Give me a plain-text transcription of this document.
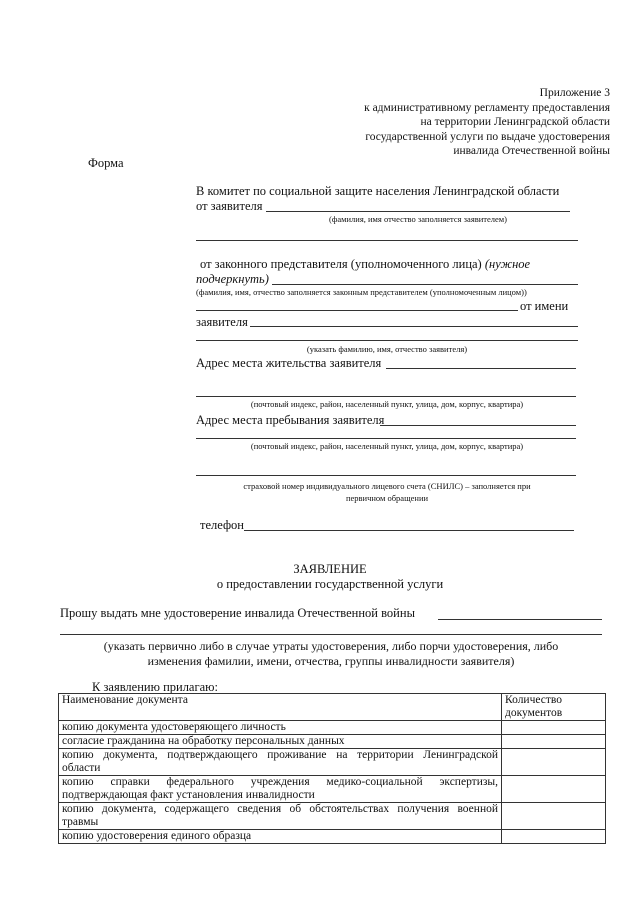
Приложение 3
к административному регламенту предоставления
на территории Ленинградской области
государственной услуги по выдаче удостоверения
инвалида Отечественной войны
Форма
В комитет по социальной защите населения Ленинградской области
от заявителя
(фамилия, имя отчество заполняется заявителем)
от законного представителя (уполномоченного лица) (нужное
подчеркнуть)
(фамилия, имя, отчество заполняется законным представителем (уполномоченным лицом))
от имени
заявителя
(указать фамилию, имя, отчество заявителя)
Адрес места жительства заявителя
(почтовый индекс, район, населенный пункт, улица, дом, корпус, квартира)
Адрес места пребывания заявителя
(почтовый индекс, район, населенный пункт, улица, дом, корпус, квартира)
страховой номер индивидуального лицевого счета (СНИЛС) – заполняется при
первичном обращении
телефон
ЗАЯВЛЕНИЕ
о предоставлении государственной услуги
Прошу выдать мне удостоверение инвалида Отечественной войны
(указать первично либо в случае утраты удостоверения, либо порчи удостоверения, либо
изменения фамилии, имени, отчества, группы инвалидности заявителя)
К заявлению прилагаю:
Наименование документа	Количество документов
копию документа удостоверяющего личность	
согласие гражданина на обработку персональных данных	
копию документа, подтверждающего проживание на территории Ленинградской области	
копию справки федерального учреждения медико-социальной экспертизы, подтверждающая факт установления инвалидности	
копию документа, содержащего сведения об обстоятельствах получения военной травмы	
копию удостоверения единого образца	
